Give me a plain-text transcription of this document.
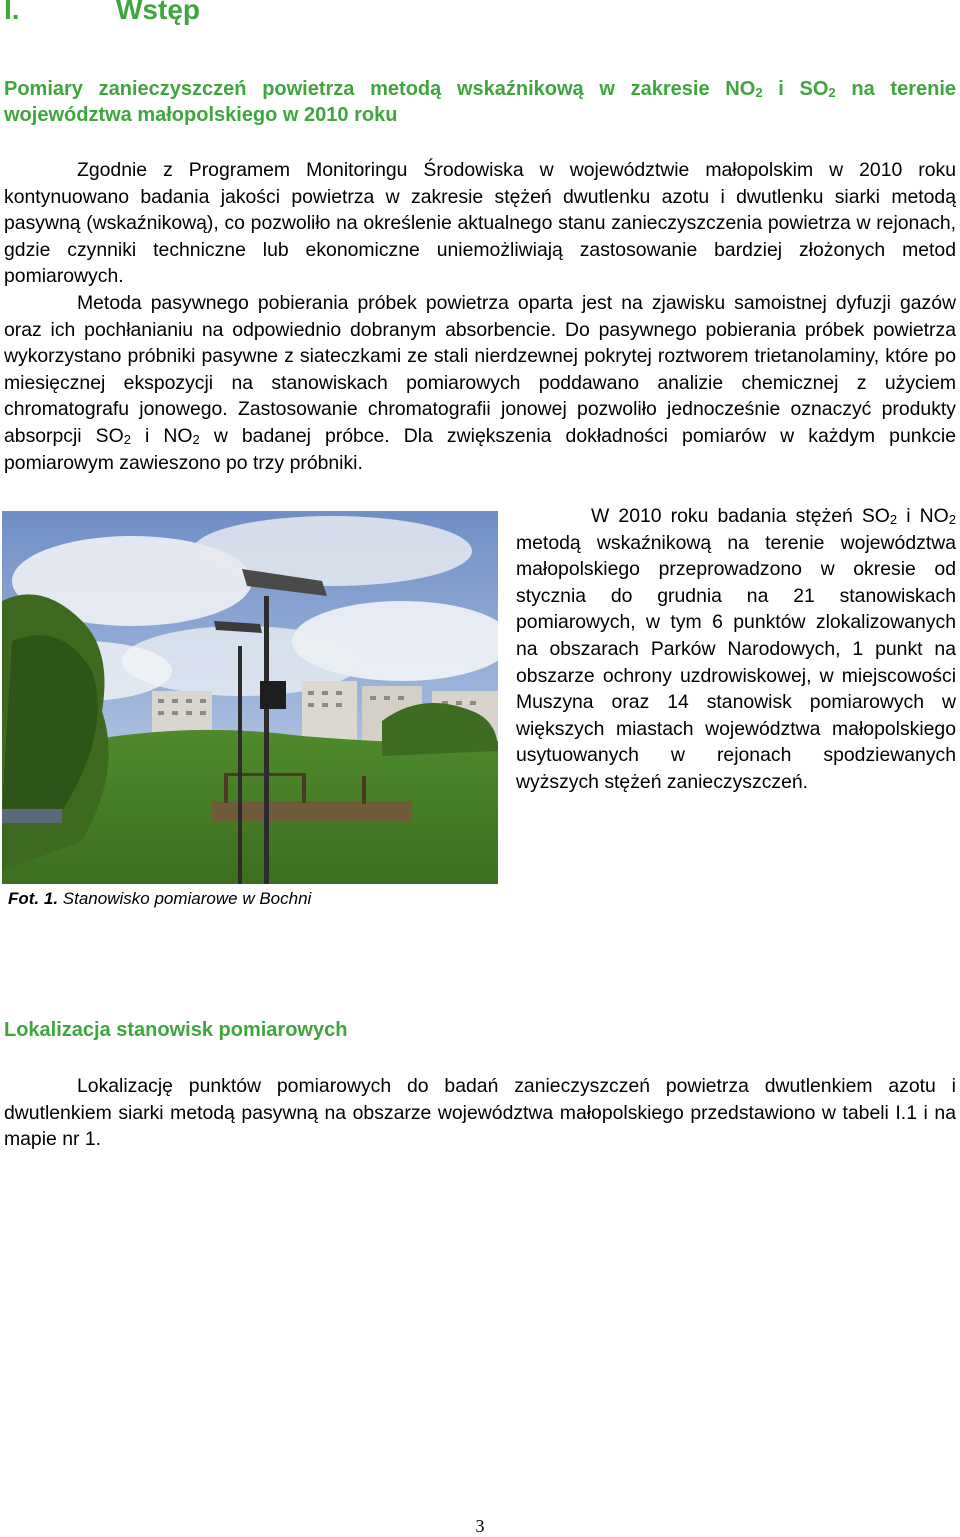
I.	Wstęp
Pomiary zanieczyszczeń powietrza metodą wskaźnikową w zakresie $NO_2$ i $SO_2$ na terenie województwa małopolskiego w 2010 roku

Zgodnie z Programem Monitoringu Środowiska w województwie małopolskim w 2010 roku kontynuowano badania jakości powietrza w zakresie stężeń dwutlenku azotu i dwutlenku siarki metodą pasywną (wskaźnikową), co pozwoliło na określenie aktualnego stanu zanieczyszczenia powietrza w rejonach, gdzie czynniki techniczne lub ekonomiczne uniemożliwiają zastosowanie bardziej złożonych metod pomiarowych.

Metoda pasywnego pobierania próbek powietrza oparta jest na zjawisku samoistnej dyfuzji gazów oraz ich pochłanianiu na odpowiednio dobranym absorbencie. Do pasywnego pobierania próbek powietrza wykorzystano próbniki pasywne z siateczkami ze stali nierdzewnej pokrytej roztworem trietanolaminy, które po miesięcznej ekspozycji na stanowiskach pomiarowych poddawano analizie chemicznej z użyciem chromatografu jonowego. Zastosowanie chromatografii jonowej pozwoliło jednocześnie oznaczyć produkty absorpcji $SO_2$ i $NO_2$ w badanej próbce. Dla zwiększenia dokładności pomiarów w każdym punkcie pomiarowym zawieszono po trzy próbniki.

W 2010 roku badania stężeń $SO_2$ i $NO_2$ metodą wskaźnikową na terenie województwa małopolskiego przeprowadzono w okresie od stycznia do grudnia na 21 stanowiskach pomiarowych, w tym 6 punktów zlokalizowanych na obszarach Parków Narodowych, 1 punkt na obszarze ochrony uzdrowiskowej, w miejscowości Muszyna oraz 14 stanowisk pomiarowych w większych miastach województwa małopolskiego usytuowanych w rejonach spodziewanych wyższych stężeń zanieczyszczeń.

Fot. 1. Stanowisko pomiarowe w Bochni
Lokalizacja stanowisk pomiarowych

Lokalizację punktów pomiarowych do badań zanieczyszczeń powietrza dwutlenkiem azotu i dwutlenkiem siarki metodą pasywną na obszarze województwa małopolskiego przedstawiono w tabeli I.1 i na mapie nr 1.

3
